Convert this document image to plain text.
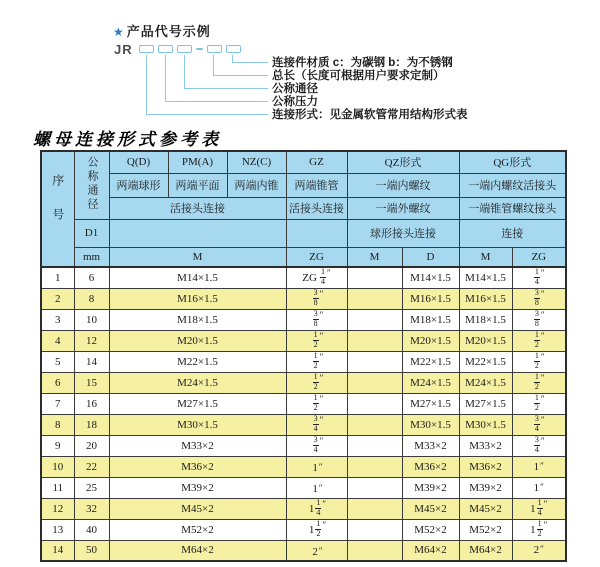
★ 产品代号示例
JR
连接件材质 c：为碳钢 b：为不锈钢
总长（长度可根据用户要求定制）
公称通径
公称压力
连接形式：见金属软管常用结构形式表
螺母连接形式参考表
序号	公称通径	Q(D)	PM(A)	NZ(C)	GZ	QZ形式		QG形式	
		两端球形	两端平面	两端内锥	两端锥管	一端内螺纹		一端内螺纹活接头	
		活接头连接			活接头连接	一端外螺纹		一端锥管螺纹接头	
	D1					球形接头连接		连接	
	mm	M			ZG	M	D	M	ZG
1	6	M14×1.5			ZG $\frac{1}{4}$ ″		M14×1.5	M14×1.5	$\frac{1}{4}$ ″

2	8	M16×1.5			$\frac{3}{8}$ ″		M16×1.5	M16×1.5	$\frac{3}{8}$ ″

3	10	M18×1.5			$\frac{3}{8}$ ″		M18×1.5	M18×1.5	$\frac{3}{8}$ ″

4	12	M20×1.5			$\frac{1}{2}$ ″		M20×1.5	M20×1.5	$\frac{1}{2}$ ″

5	14	M22×1.5			$\frac{1}{2}$ ″		M22×1.5	M22×1.5	$\frac{1}{2}$ ″

6	15	M24×1.5			$\frac{1}{2}$ ″		M24×1.5	M24×1.5	$\frac{1}{2}$ ″

7	16	M27×1.5			$\frac{1}{2}$ ″		M27×1.5	M27×1.5	$\frac{1}{2}$ ″

8	18	M30×1.5			$\frac{3}{4}$ ″		M30×1.5	M30×1.5	$\frac{3}{4}$ ″

9	20	M33×2			$\frac{3}{4}$ ″		M33×2	M33×2	$\frac{3}{4}$ ″

10	22	M36×2			1 ″		M36×2	M36×2	1 ″

11	25	M39×2			1 ″		M39×2	M39×2	1 ″

12	32	M45×2			$1 \frac{1}{4}$ ″		M45×2	M45×2	$1 \frac{1}{4}$ ″

13	40	M52×2			$1 \frac{1}{2}$ ″		M52×2	M52×2	$1 \frac{1}{2}$ ″

14	50	M64×2			2 ″		M64×2	M64×2	2 ″
